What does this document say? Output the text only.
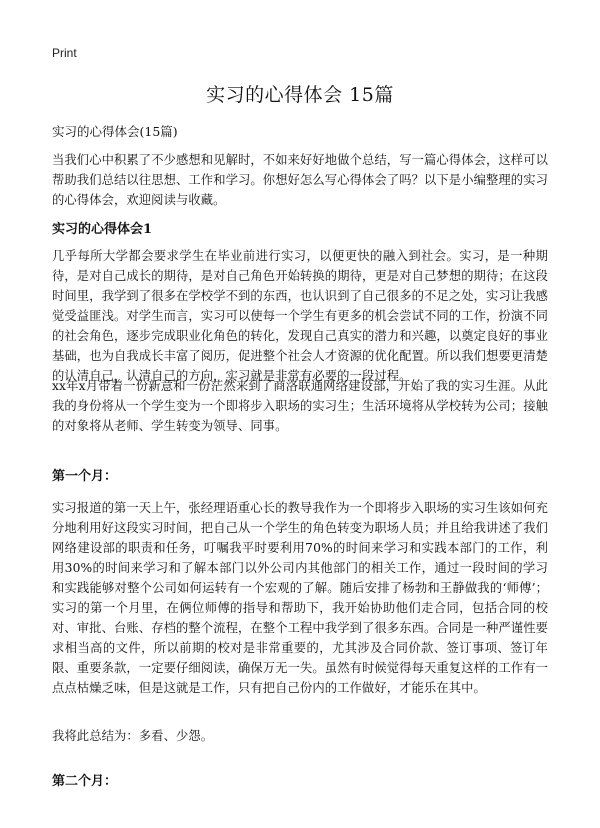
Print
实习的心得体会 15篇
实习的心得体会(15篇)
当我们心中积累了不少感想和见解时，不如来好好地做个总结，写一篇心得体会，这样可以帮助我们总结以往思想、工作和学习。你想好怎么写心得体会了吗？以下是小编整理的实习的心得体会，欢迎阅读与收藏。
实习的心得体会1
几乎每所大学都会要求学生在毕业前进行实习，以便更快的融入到社会。实习，是一种期待，是对自己成长的期待，是对自己角色开始转换的期待，更是对自己梦想的期待；在这段时间里，我学到了很多在学校学不到的东西，也认识到了自己很多的不足之处，实习让我感觉受益匪浅。对学生而言，实习可以使每一个学生有更多的机会尝试不同的工作，扮演不同的社会角色，逐步完成职业化角色的转化，发现自己真实的潜力和兴趣，以奠定良好的事业基础，也为自我成长丰富了阅历，促进整个社会人才资源的优化配置。所以我们想要更清楚的认清自己，认清自己的方向，实习就是非常有必要的一段过程。
xx年x月带着一份新意和一份茫然来到了商洛联通网络建设部，开始了我的实习生涯。从此我的身份将从一个学生变为一个即将步入职场的实习生；生活环境将从学校转为公司；接触的对象将从老师、学生转变为领导、同事。
第一个月：
实习报道的第一天上午，张经理语重心长的教导我作为一个即将步入职场的实习生该如何充分地利用好这段实习时间，把自己从一个学生的角色转变为职场人员；并且给我讲述了我们网络建设部的职责和任务，叮嘱我平时要利用70%的时间来学习和实践本部门的工作，利用30%的时间来学习和了解本部门以外公司内其他部门的相关工作，通过一段时间的学习和实践能够对整个公司如何运转有一个宏观的了解。随后安排了杨勃和王静做我的‘师傅’；实习的第一个月里，在俩位师傅的指导和帮助下，我开始协助他们走合同，包括合同的校对、审批、台账、存档的整个流程，在整个工程中我学到了很多东西。合同是一种严谨性要求相当高的文件，所以前期的校对是非常重要的，尤其涉及合同价款、签订事项、签订年限、重要条款，一定要仔细阅读，确保万无一失。虽然有时候觉得每天重复这样的工作有一点点枯燥乏味，但是这就是工作，只有把自己份内的工作做好，才能乐在其中。
我将此总结为：多看、少怨。
第二个月：
